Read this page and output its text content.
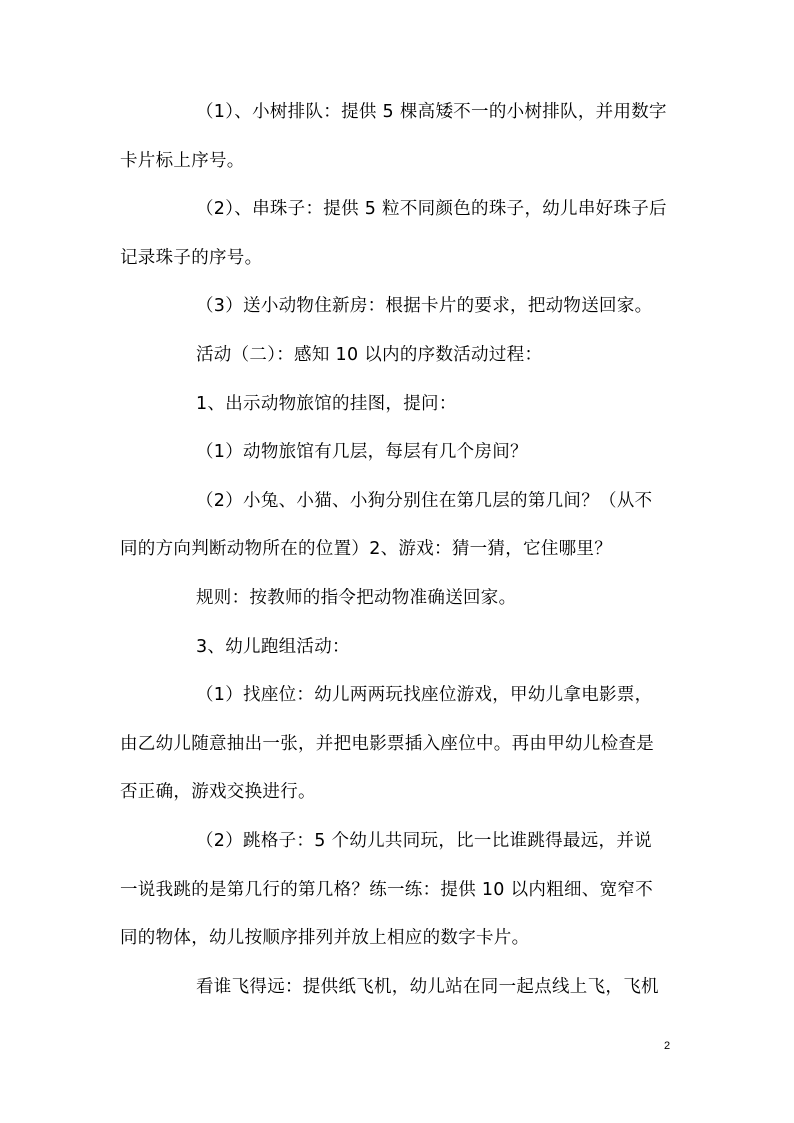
（1）、小树排队：提供 5 棵高矮不一的小树排队，并用数字
卡片标上序号。
（2）、串珠子：提供 5 粒不同颜色的珠子，幼儿串好珠子后
记录珠子的序号。
（3）送小动物住新房：根据卡片的要求，把动物送回家。
活动（二）：感知 10 以内的序数活动过程：
1、出示动物旅馆的挂图，提问：
（1）动物旅馆有几层，每层有几个房间？
（2）小兔、小猫、小狗分别住在第几层的第几间？（从不
同的方向判断动物所在的位置）2、游戏：猜一猜，它住哪里？
规则：按教师的指令把动物准确送回家。
3、幼儿跑组活动：
（1）找座位：幼儿两两玩找座位游戏，甲幼儿拿电影票，
由乙幼儿随意抽出一张，并把电影票插入座位中。再由甲幼儿检查是
否正确，游戏交换进行。
（2）跳格子：5 个幼儿共同玩，比一比谁跳得最远，并说
一说我跳的是第几行的第几格？练一练：提供 10 以内粗细、宽窄不
同的物体，幼儿按顺序排列并放上相应的数字卡片。
看谁飞得远：提供纸飞机，幼儿站在同一起点线上飞，飞机
2
